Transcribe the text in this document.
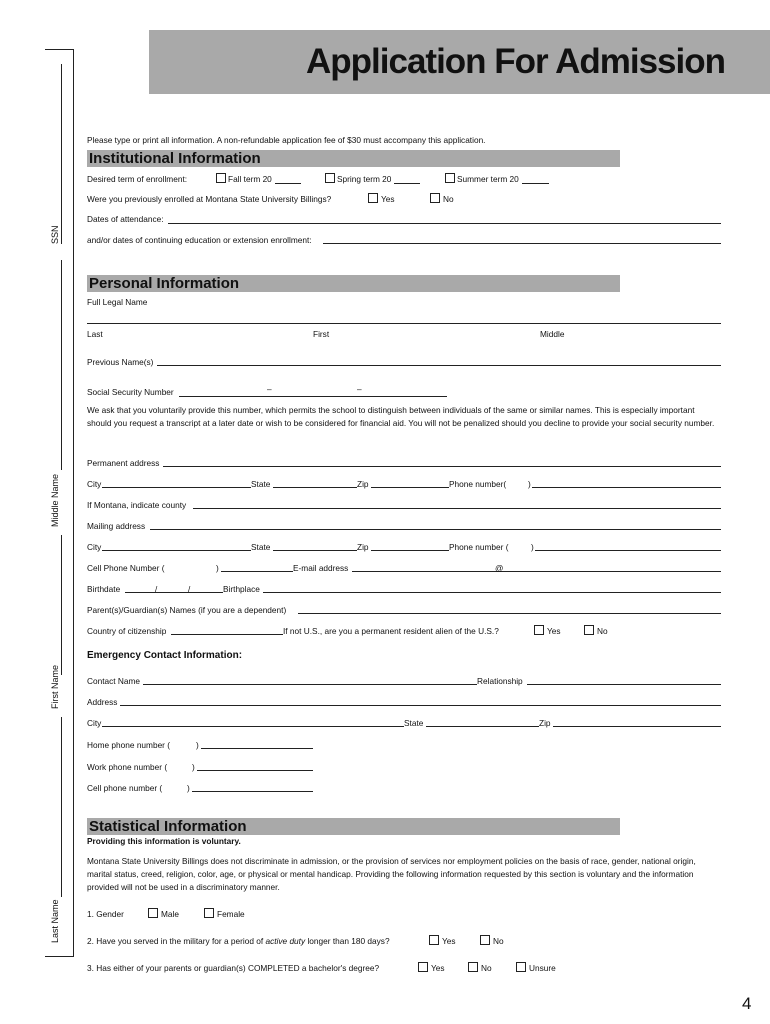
Application For Admission
SSN
Middle Name
First Name
Last Name
Please type or print all information. A non-refundable application fee of $30 must accompany this application.
Institutional Information
Desired term of enrollment:	Fall term 20	Spring term 20	Summer term 20
Were you previously enrolled at Montana State University Billings?	Yes	No
Dates of attendance:
and/or dates of continuing education or extension enrollment:
Personal Information
Full Legal Name
Last	First	Middle
Previous Name(s)
Social Security Number	–	–
We ask that you voluntarily provide this number, which permits the school to distinguish between individuals of the same or similar names. This is especially important should you request a transcript at a later date or wish to be considered for financial aid. You will not be penalized should you decline to provide your social security number.
Permanent address
City	State	Zip	Phone number(	)
If Montana, indicate county
Mailing address
City	State	Zip	Phone number (	)
Cell Phone Number (	)	E-mail address	@
Birthdate	/	/	Birthplace
Parent(s)/Guardian(s) Names (if you are a dependent)
Country of citizenship	If not U.S., are you a permanent resident alien of the U.S.?	Yes	No
Emergency Contact Information:
Contact Name	Relationship
Address
City	State	Zip
Home phone number (	)
Work phone number (	)
Cell phone number (	)
Statistical Information
Providing this information is voluntary.
Montana State University Billings does not discriminate in admission, or the provision of services nor employment policies on the basis of race, gender, national origin, marital status, creed, religion, color, age, or physical or mental handicap. Providing the following information requested by this section is voluntary and the information provided will not be used in a discriminatory manner.
1. Gender	Male	Female
2. Have you served in the military for a period of active duty longer than 180 days?	Yes	No
3. Has either of your parents or guardian(s) COMPLETED a bachelor's degree?	Yes	No	Unsure
4
